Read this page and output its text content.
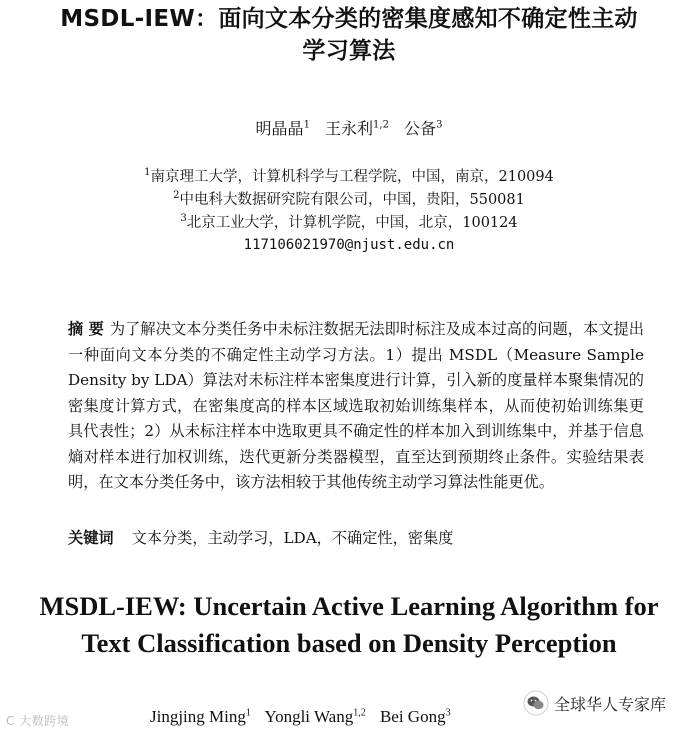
MSDL-IEW：面向文本分类的密集度感知不确定性主动
学习算法
明晶晶$^1$ 王永利$^{1,2}$ 公备$^3$
$^1$南京理工大学，计算机科学与工程学院，中国，南京，210094
$^2$中电科大数据研究院有限公司，中国，贵阳，550081
$^3$北京工业大学，计算机学院，中国，北京，100124
117106021970@njust.edu.cn
摘 要 为了解决文本分类任务中未标注数据无法即时标注及成本过高的问题，本文提出一种面向文本分类的不确定性主动学习方法。1）提出 MSDL（Measure Sample Density by LDA）算法对未标注样本密集度进行计算，引入新的度量样本聚集情况的密集度计算方式，在密集度高的样本区域选取初始训练集样本，从而使初始训练集更具代表性；2）从未标注样本中选取更具不确定性的样本加入到训练集中，并基于信息熵对样本进行加权训练，迭代更新分类器模型，直至达到预期终止条件。实验结果表明，在文本分类任务中，该方法相较于其他传统主动学习算法性能更优。
关键词 文本分类，主动学习，LDA，不确定性，密集度
MSDL-IEW: Uncertain Active Learning Algorithm for
Text Classification based on Density Perception
Jingjing Ming$^1$ Yongli Wang$^{1,2}$ Bei Gong$^3$
C 大数跨境
全球华人专家库
